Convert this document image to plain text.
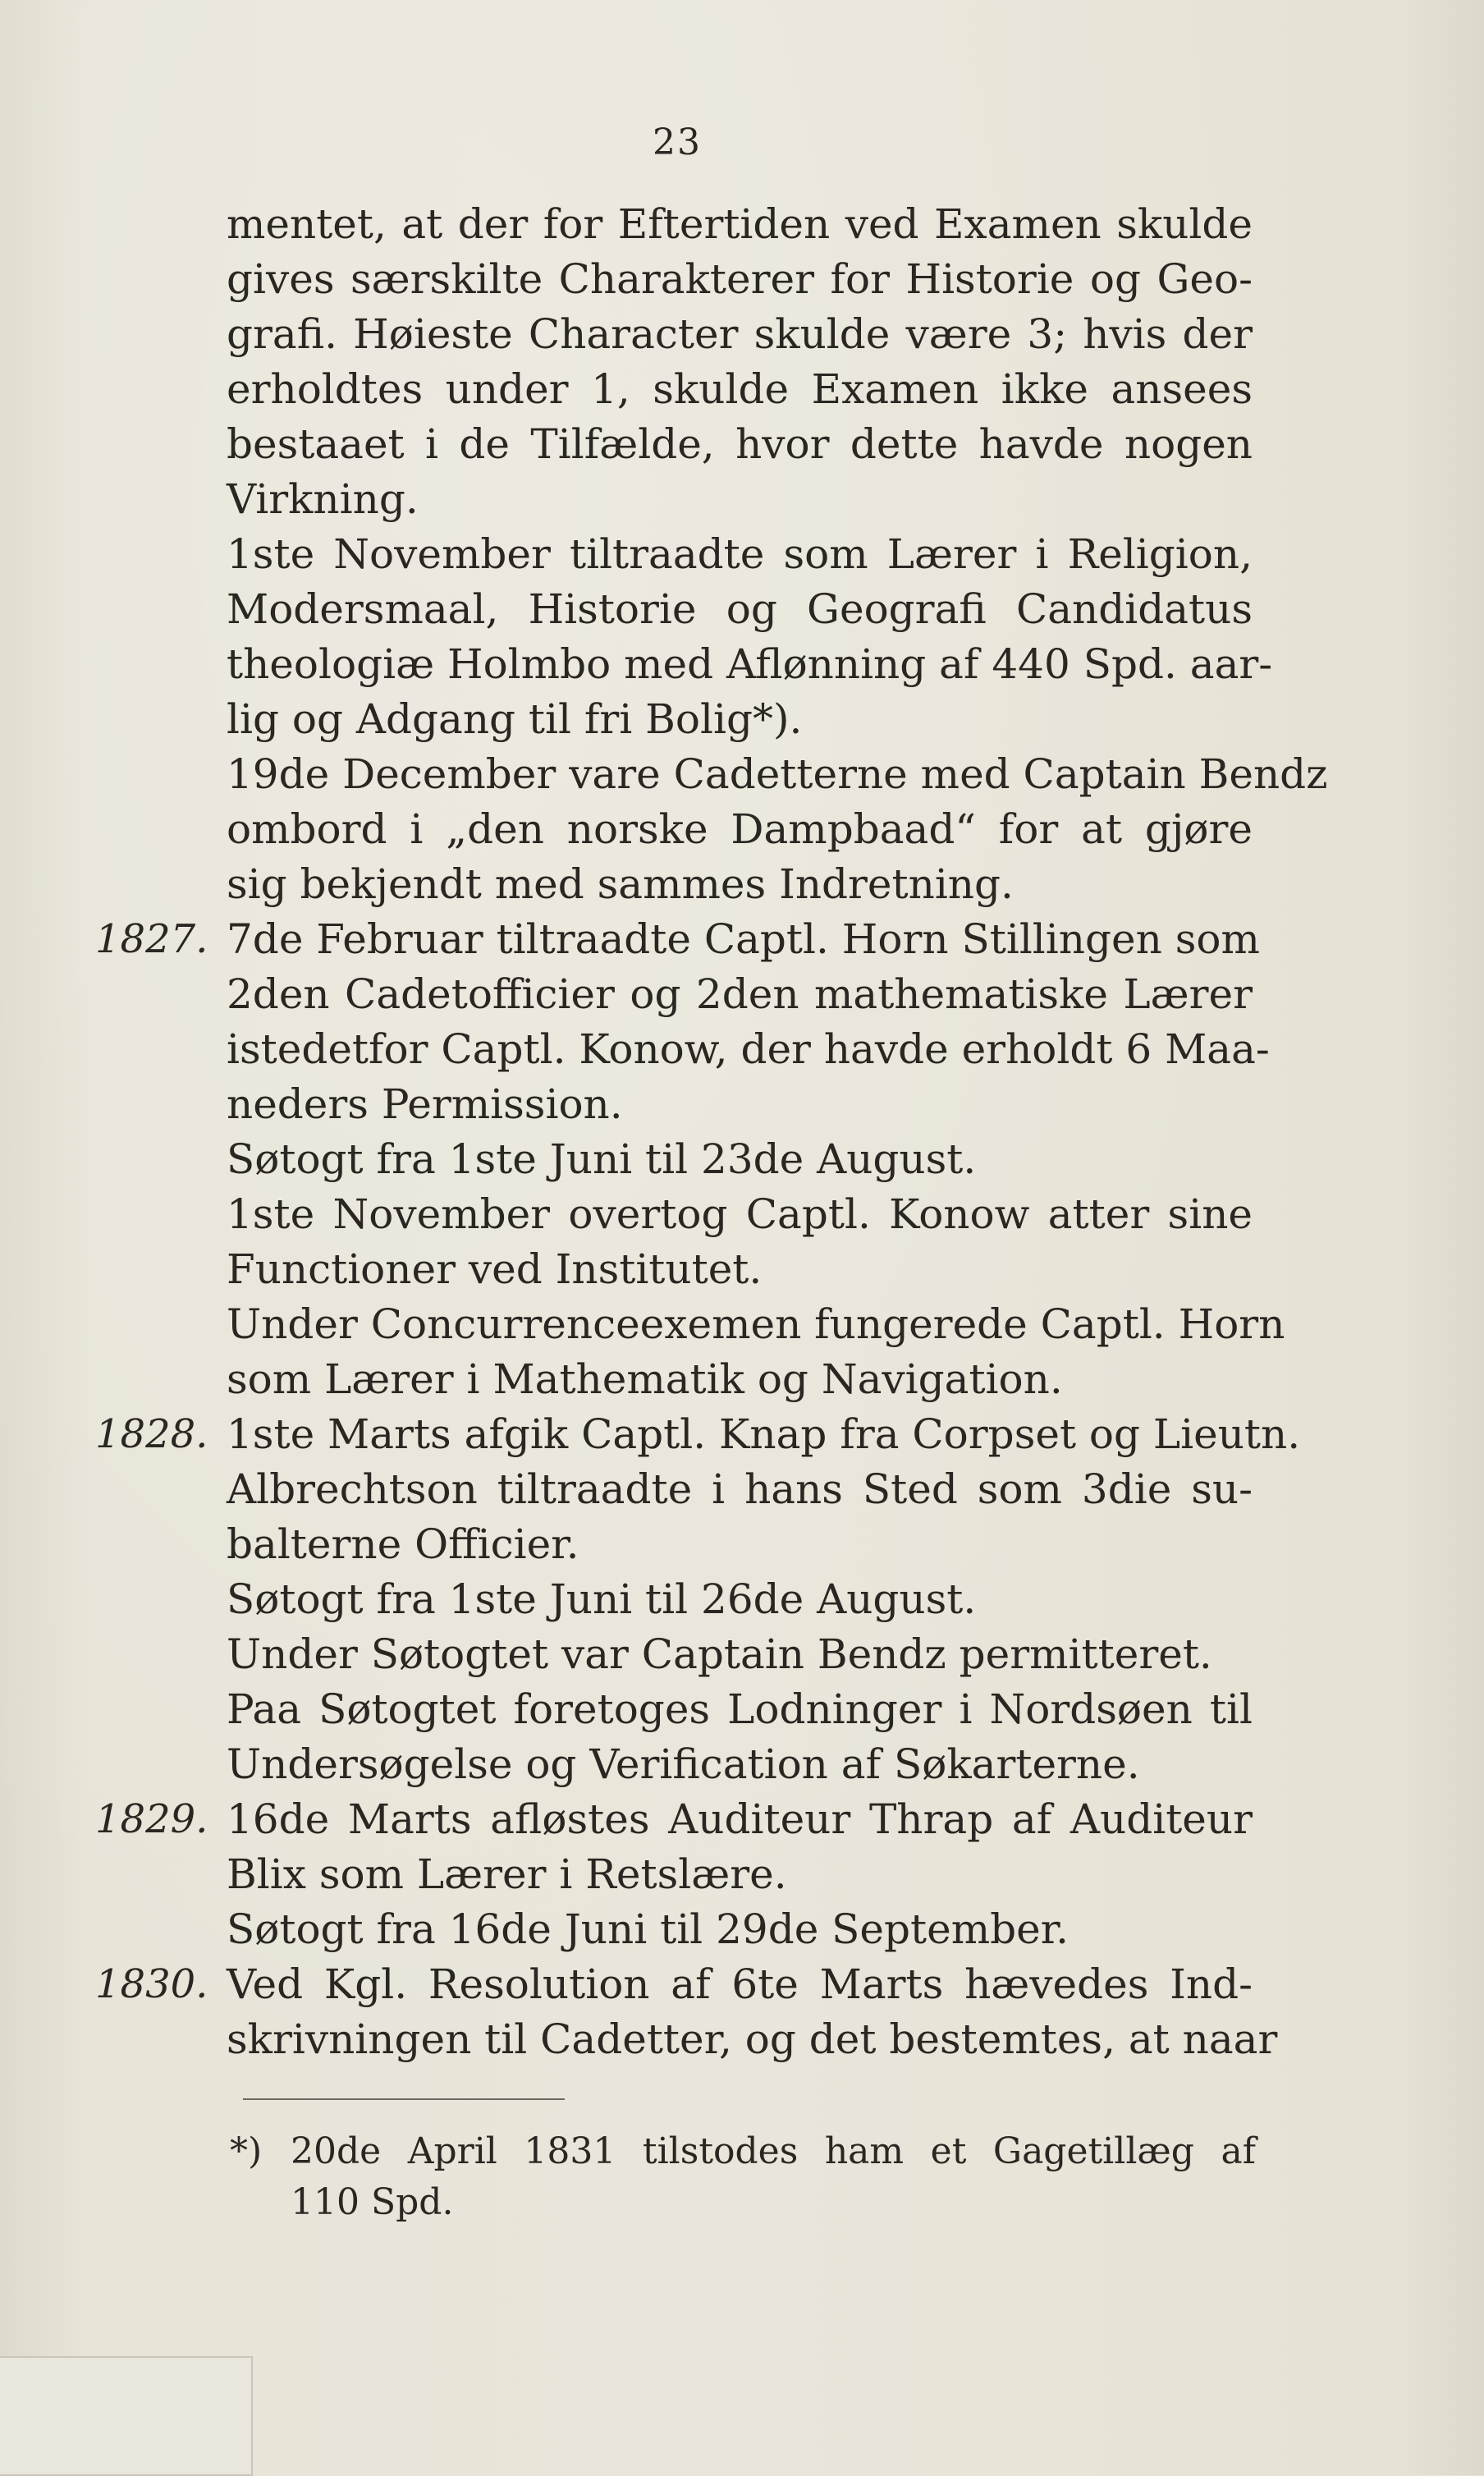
23
mentet, at der for Eftertiden ved Examen skulde
gives særskilte Charakterer for Historie og Geo-
grafi. Høieste Character skulde være 3; hvis der
erholdtes under 1, skulde Examen ikke ansees
bestaaet i de Tilfælde, hvor dette havde nogen
Virkning.
1ste November tiltraadte som Lærer i Religion,
Modersmaal, Historie og Geografi Candidatus
theologiæ Holmbo med Aflønning af 440 Spd. aar-
lig og Adgang til fri Bolig*).
19de December vare Cadetterne med Captain Bendz
ombord i „den norske Dampbaad“ for at gjøre
sig bekjendt med sammes Indretning.
1827. 7de Februar tiltraadte Captl. Horn Stillingen som
2den Cadetofficier og 2den mathematiske Lærer
istedetfor Captl. Konow, der havde erholdt 6 Maa-
neders Permission.
Søtogt fra 1ste Juni til 23de August.
1ste November overtog Captl. Konow atter sine
Functioner ved Institutet.
Under Concurrenceexemen fungerede Captl. Horn
som Lærer i Mathematik og Navigation.
1828. 1ste Marts afgik Captl. Knap fra Corpset og Lieutn.
Albrechtson tiltraadte i hans Sted som 3die su-
balterne Officier.
Søtogt fra 1ste Juni til 26de August.
Under Søtogtet var Captain Bendz permitteret.
Paa Søtogtet foretoges Lodninger i Nordsøen til
Undersøgelse og Verification af Søkarterne.
1829. 16de Marts afløstes Auditeur Thrap af Auditeur
Blix som Lærer i Retslære.
Søtogt fra 16de Juni til 29de September.
1830. Ved Kgl. Resolution af 6te Marts hævedes Ind-
skrivningen til Cadetter, og det bestemtes, at naar
*) 20de April 1831 tilstodes ham et Gagetillæg af
110 Spd.
